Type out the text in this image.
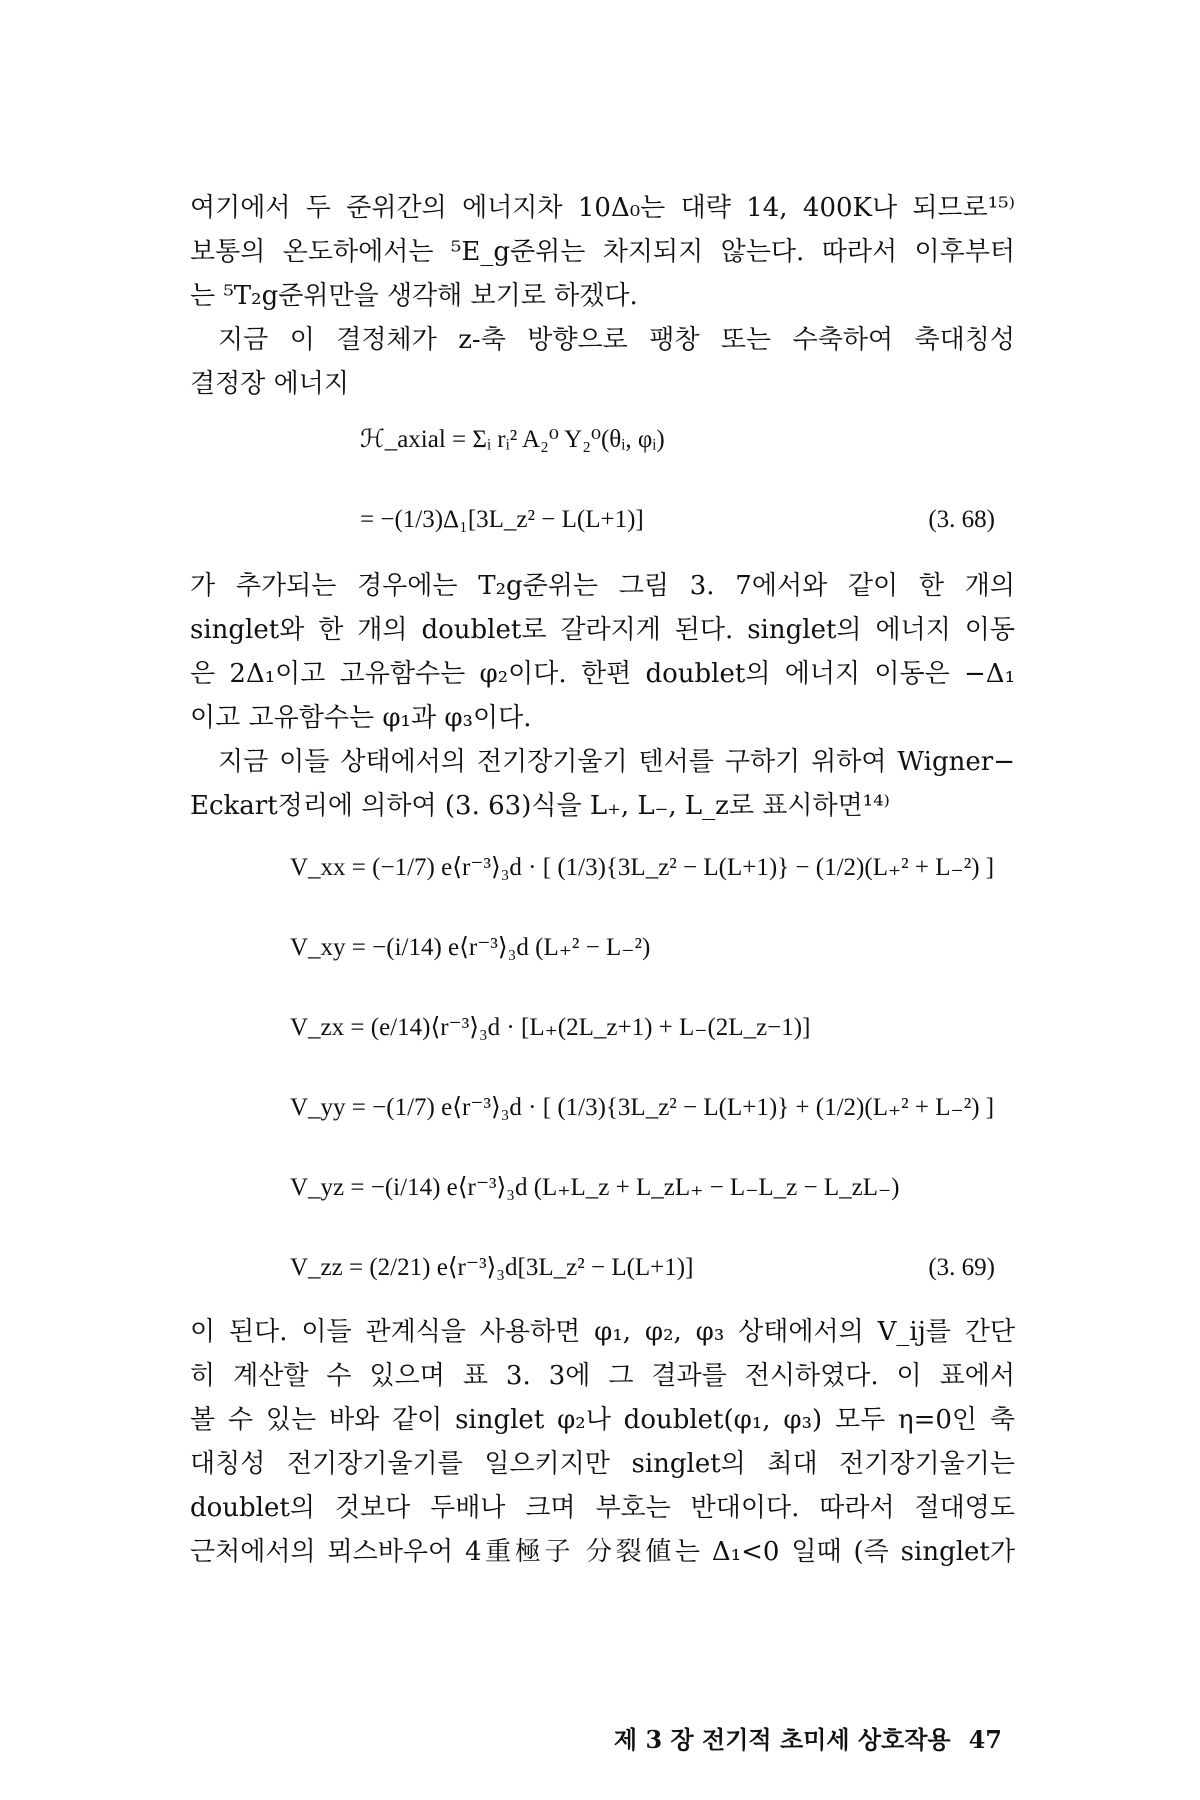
여기에서 두 준위간의 에너지차 10Δ₀는 대략 14, 400K나 되므로¹⁵⁾
보통의 온도하에서는 ⁵E_g준위는 차지되지 않는다. 따라서 이후부터
는 ⁵T₂g준위만을 생각해 보기로 하겠다.
지금 이 결정체가 z-축 방향으로 팽창 또는 수축하여 축대칭성
결정장 에너지
ℋ_axial = Σᵢ rᵢ² A₂⁰ Y₂⁰(θᵢ, φᵢ)
= −(1/3)Δ₁[3L_z² − L(L+1)]	(3. 68)
가 추가되는 경우에는 T₂g준위는 그림 3. 7에서와 같이 한 개의
singlet와 한 개의 doublet로 갈라지게 된다. singlet의 에너지 이동
은 2Δ₁이고 고유함수는 φ₂이다. 한편 doublet의 에너지 이동은 −Δ₁
이고 고유함수는 φ₁과 φ₃이다.
지금 이들 상태에서의 전기장기울기 텐서를 구하기 위하여 Wigner−
Eckart정리에 의하여 (3. 63)식을 L₊, L₋, L_z로 표시하면¹⁴⁾
V_xx = (−1/7) e⟨r⁻³⟩₃d · [ (1/3){3L_z² − L(L+1)} − (1/2)(L₊² + L₋²) ]
V_xy = −(i/14) e⟨r⁻³⟩₃d (L₊² − L₋²)
V_zx = (e/14)⟨r⁻³⟩₃d · [L₊(2L_z+1) + L₋(2L_z−1)]
V_yy = −(1/7) e⟨r⁻³⟩₃d · [ (1/3){3L_z² − L(L+1)} + (1/2)(L₊² + L₋²) ]
V_yz = −(i/14) e⟨r⁻³⟩₃d (L₊L_z + L_zL₊ − L₋L_z − L_zL₋)
V_zz = (2/21) e⟨r⁻³⟩₃d[3L_z² − L(L+1)]	(3. 69)
이 된다. 이들 관계식을 사용하면 φ₁, φ₂, φ₃ 상태에서의 V_ij를 간단
히 계산할 수 있으며 표 3. 3에 그 결과를 전시하였다. 이 표에서
볼 수 있는 바와 같이 singlet φ₂나 doublet(φ₁, φ₃) 모두 η=0인 축
대칭성 전기장기울기를 일으키지만 singlet의 최대 전기장기울기는
doublet의 것보다 두배나 크며 부호는 반대이다. 따라서 절대영도
근처에서의 뫼스바우어 4重極子 分裂値는 Δ₁<0 일때 (즉 singlet가
제 3 장 전기적 초미세 상호작용 47
